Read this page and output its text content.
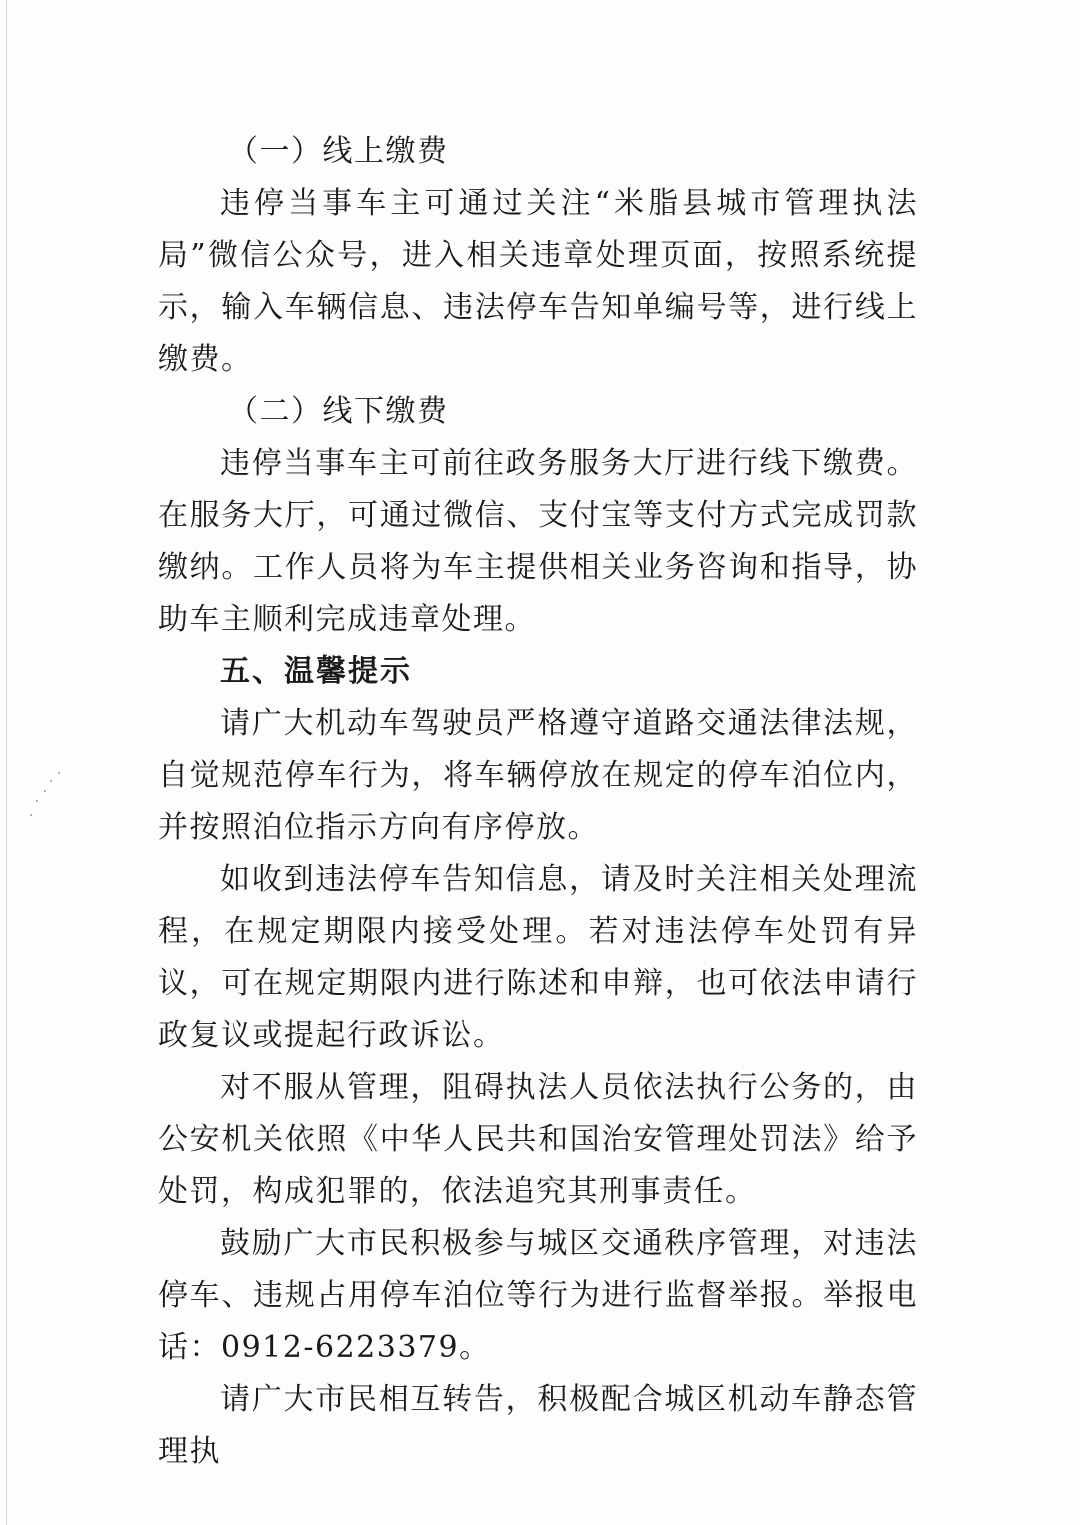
（一）线上缴费

违停当事车主可通过关注“米脂县城市管理执法局”微信公众号，进入相关违章处理页面，按照系统提示，输入车辆信息、违法停车告知单编号等，进行线上缴费。

（二）线下缴费

违停当事车主可前往政务服务大厅进行线下缴费。在服务大厅，可通过微信、支付宝等支付方式完成罚款缴纳。工作人员将为车主提供相关业务咨询和指导，协助车主顺利完成违章处理。

五、温馨提示

请广大机动车驾驶员严格遵守道路交通法律法规，自觉规范停车行为，将车辆停放在规定的停车泊位内，并按照泊位指示方向有序停放。

如收到违法停车告知信息，请及时关注相关处理流程，在规定期限内接受处理。若对违法停车处罚有异议，可在规定期限内进行陈述和申辩，也可依法申请行政复议或提起行政诉讼。

对不服从管理，阻碍执法人员依法执行公务的，由公安机关依照《中华人民共和国治安管理处罚法》给予处罚，构成犯罪的，依法追究其刑事责任。

鼓励广大市民积极参与城区交通秩序管理，对违法停车、违规占用停车泊位等行为进行监督举报。举报电话：0912-6223379。

请广大市民相互转告，积极配合城区机动车静态管理执
